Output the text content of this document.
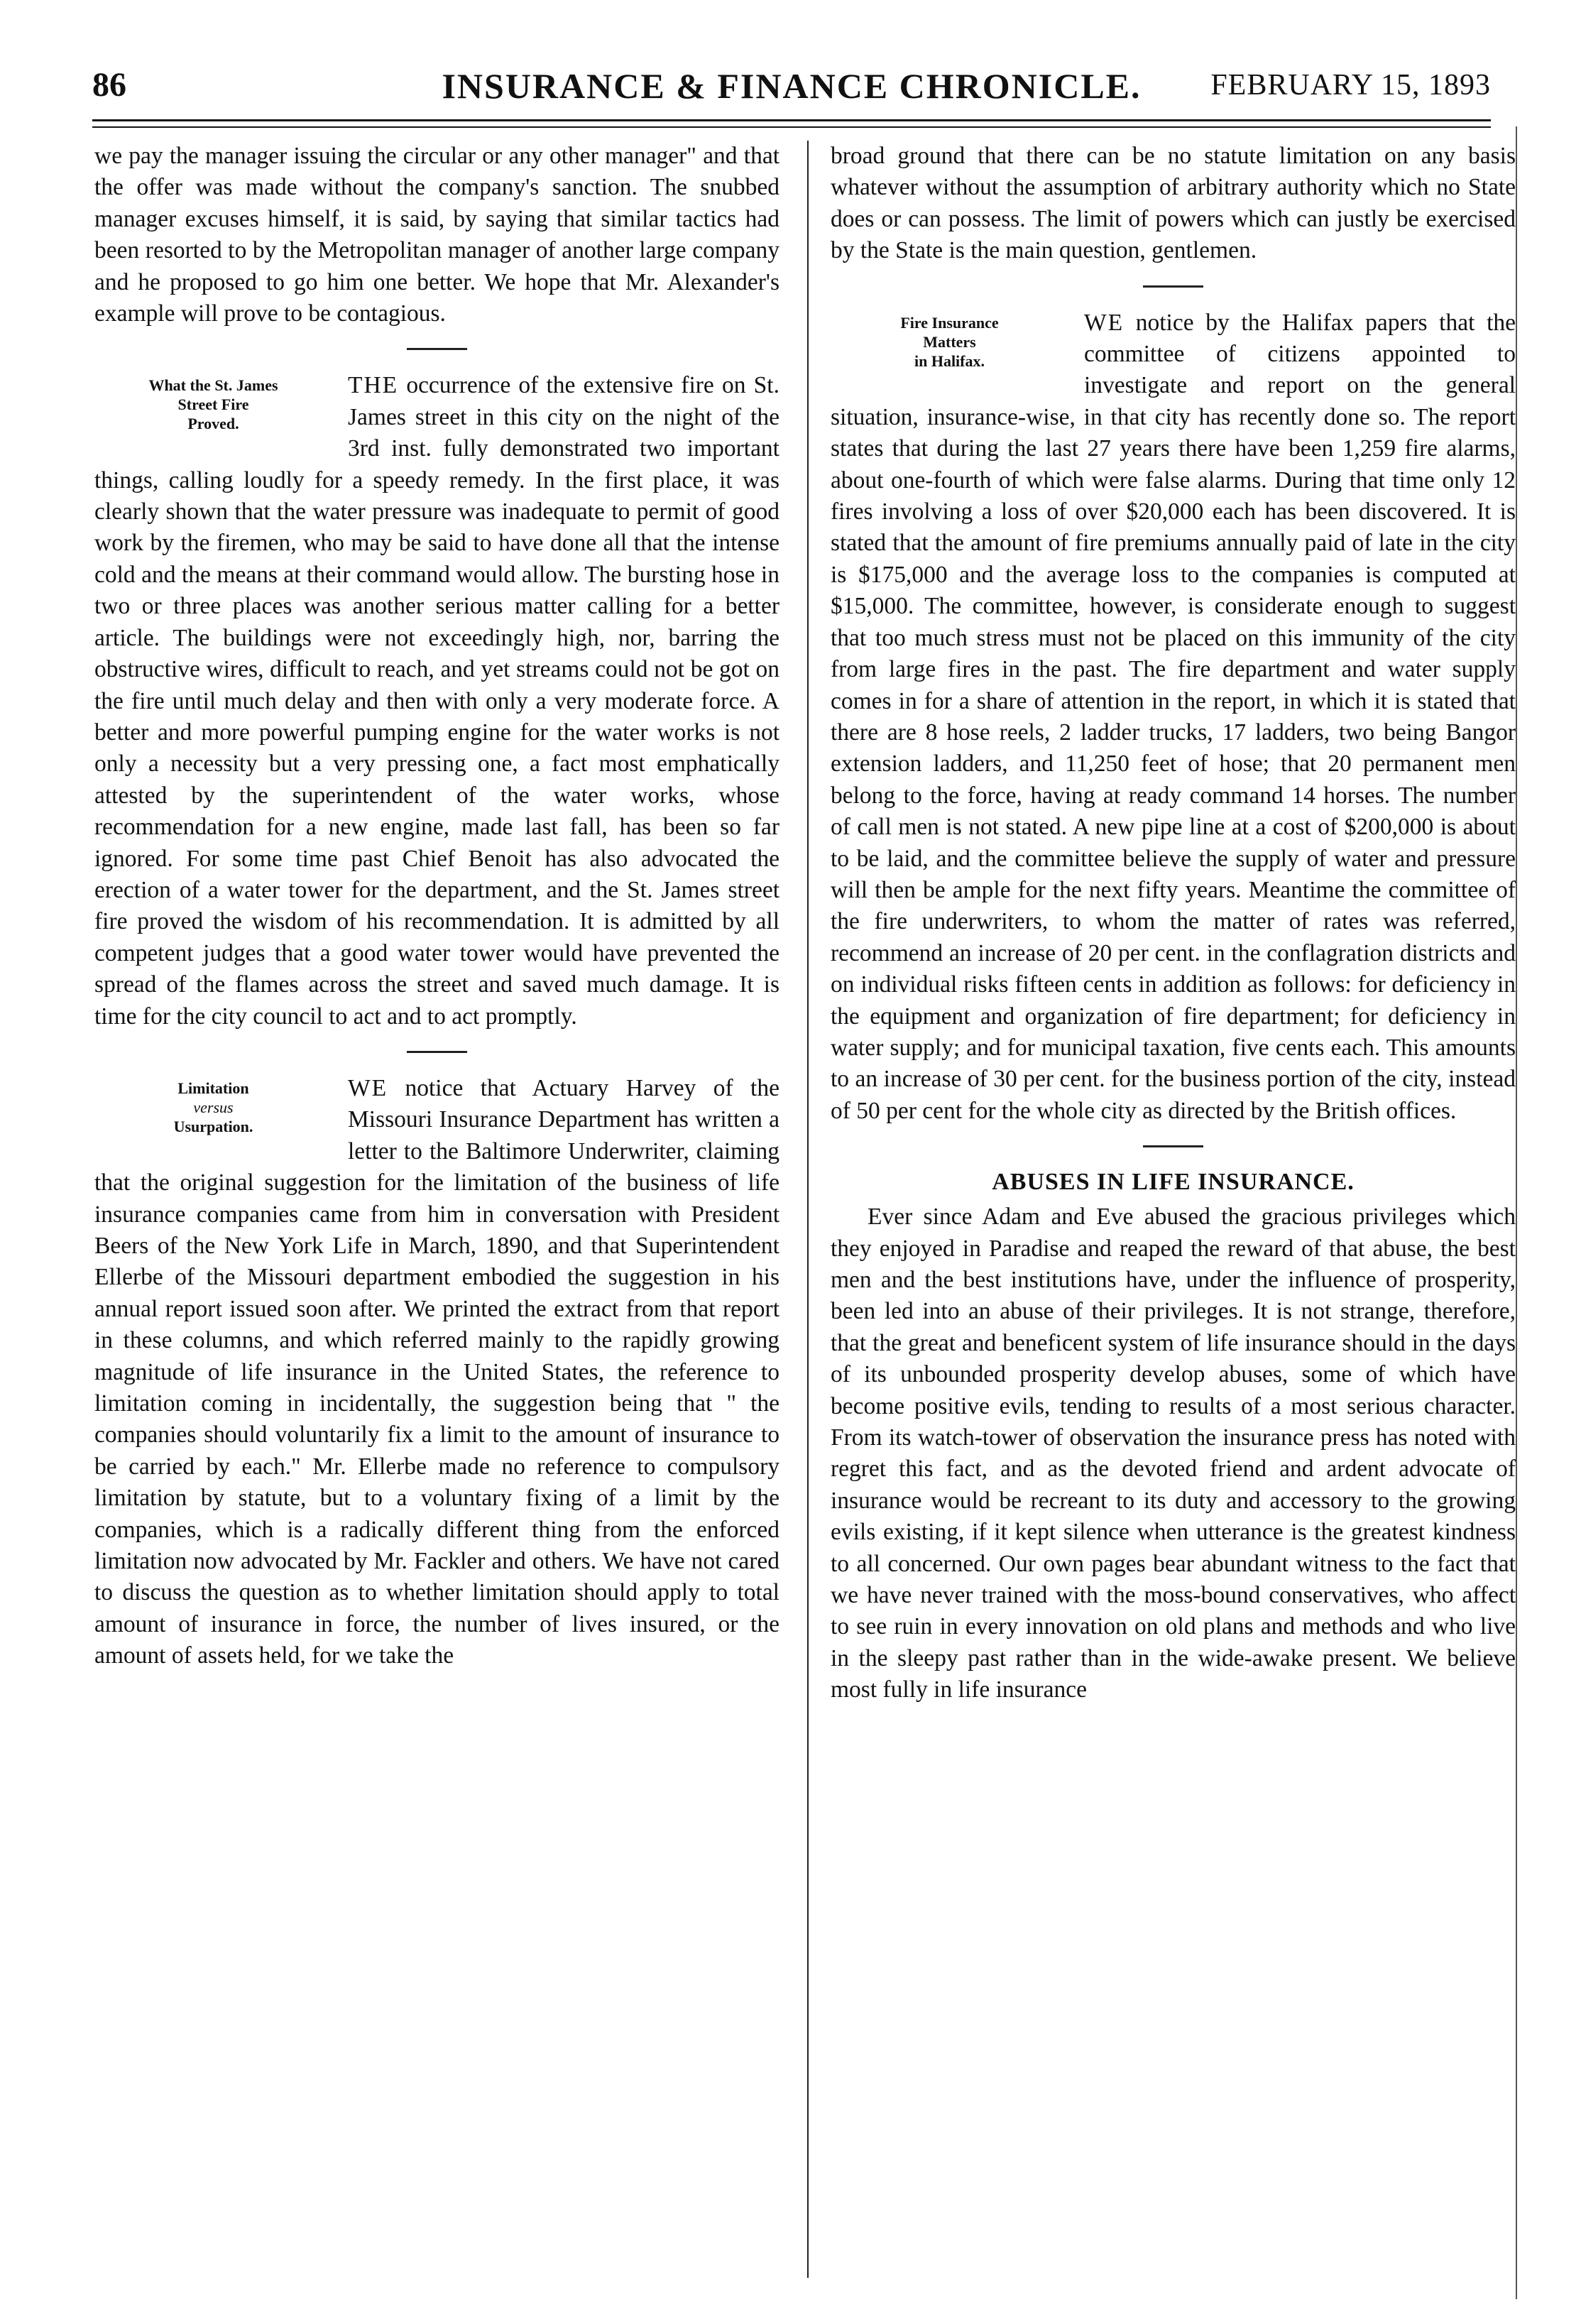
86	INSURANCE & FINANCE CHRONICLE.	FEBRUARY 15, 1893

we pay the manager issuing the circular or any other manager" and that the offer was made without the company's sanction. The snubbed manager excuses himself, it is said, by saying that similar tactics had been resorted to by the Metropolitan manager of another large company and he proposed to go him one better. We hope that Mr. Alexander's example will prove to be contagious.

What the St. James
Street Fire
Proved.

THE occurrence of the extensive fire on St. James street in this city on the night of the 3rd inst. fully demonstrated two important things, calling loudly for a speedy remedy. In the first place, it was clearly shown that the water pressure was inadequate to permit of good work by the firemen, who may be said to have done all that the intense cold and the means at their command would allow. The bursting hose in two or three places was another serious matter calling for a better article. The buildings were not exceedingly high, nor, barring the obstructive wires, difficult to reach, and yet streams could not be got on the fire until much delay and then with only a very moderate force. A better and more powerful pumping engine for the water works is not only a necessity but a very pressing one, a fact most emphatically attested by the superintendent of the water works, whose recommendation for a new engine, made last fall, has been so far ignored. For some time past Chief Benoit has also advocated the erection of a water tower for the department, and the St. James street fire proved the wisdom of his recommendation. It is admitted by all competent judges that a good water tower would have prevented the spread of the flames across the street and saved much damage. It is time for the city council to act and to act promptly.

Limitation
versus
Usurpation.

WE notice that Actuary Harvey of the Missouri Insurance Department has written a letter to the Baltimore Underwriter, claiming that the original suggestion for the limitation of the business of life insurance companies came from him in conversation with President Beers of the New York Life in March, 1890, and that Superintendent Ellerbe of the Missouri department embodied the suggestion in his annual report issued soon after. We printed the extract from that report in these columns, and which referred mainly to the rapidly growing magnitude of life insurance in the United States, the reference to limitation coming in incidentally, the suggestion being that " the companies should voluntarily fix a limit to the amount of insurance to be carried by each." Mr. Ellerbe made no reference to compulsory limitation by statute, but to a voluntary fixing of a limit by the companies, which is a radically different thing from the enforced limitation now advocated by Mr. Fackler and others. We have not cared to discuss the question as to whether limitation should apply to total amount of insurance in force, the number of lives insured, or the amount of assets held, for we take the

broad ground that there can be no statute limitation on any basis whatever without the assumption of arbitrary authority which no State does or can possess. The limit of powers which can justly be exercised by the State is the main question, gentlemen.

Fire Insurance
Matters
in Halifax.

WE notice by the Halifax papers that the committee of citizens appointed to investigate and report on the general situation, insurance-wise, in that city has recently done so. The report states that during the last 27 years there have been 1,259 fire alarms, about one-fourth of which were false alarms. During that time only 12 fires involving a loss of over $20,000 each has been discovered. It is stated that the amount of fire premiums annually paid of late in the city is $175,000 and the average loss to the companies is computed at $15,000. The committee, however, is considerate enough to suggest that too much stress must not be placed on this immunity of the city from large fires in the past. The fire department and water supply comes in for a share of attention in the report, in which it is stated that there are 8 hose reels, 2 ladder trucks, 17 ladders, two being Bangor extension ladders, and 11,250 feet of hose; that 20 permanent men belong to the force, having at ready command 14 horses. The number of call men is not stated. A new pipe line at a cost of $200,000 is about to be laid, and the committee believe the supply of water and pressure will then be ample for the next fifty years. Meantime the committee of the fire underwriters, to whom the matter of rates was referred, recommend an increase of 20 per cent. in the conflagration districts and on individual risks fifteen cents in addition as follows: for deficiency in the equipment and organization of fire department; for deficiency in water supply; and for municipal taxation, five cents each. This amounts to an increase of 30 per cent. for the business portion of the city, instead of 50 per cent for the whole city as directed by the British offices.

ABUSES IN LIFE INSURANCE.

Ever since Adam and Eve abused the gracious privileges which they enjoyed in Paradise and reaped the reward of that abuse, the best men and the best institutions have, under the influence of prosperity, been led into an abuse of their privileges. It is not strange, therefore, that the great and beneficent system of life insurance should in the days of its unbounded prosperity develop abuses, some of which have become positive evils, tending to results of a most serious character. From its watch-tower of observation the insurance press has noted with regret this fact, and as the devoted friend and ardent advocate of insurance would be recreant to its duty and accessory to the growing evils existing, if it kept silence when utterance is the greatest kindness to all concerned. Our own pages bear abundant witness to the fact that we have never trained with the moss-bound conservatives, who affect to see ruin in every innovation on old plans and methods and who live in the sleepy past rather than in the wide-awake present. We believe most fully in life insurance
